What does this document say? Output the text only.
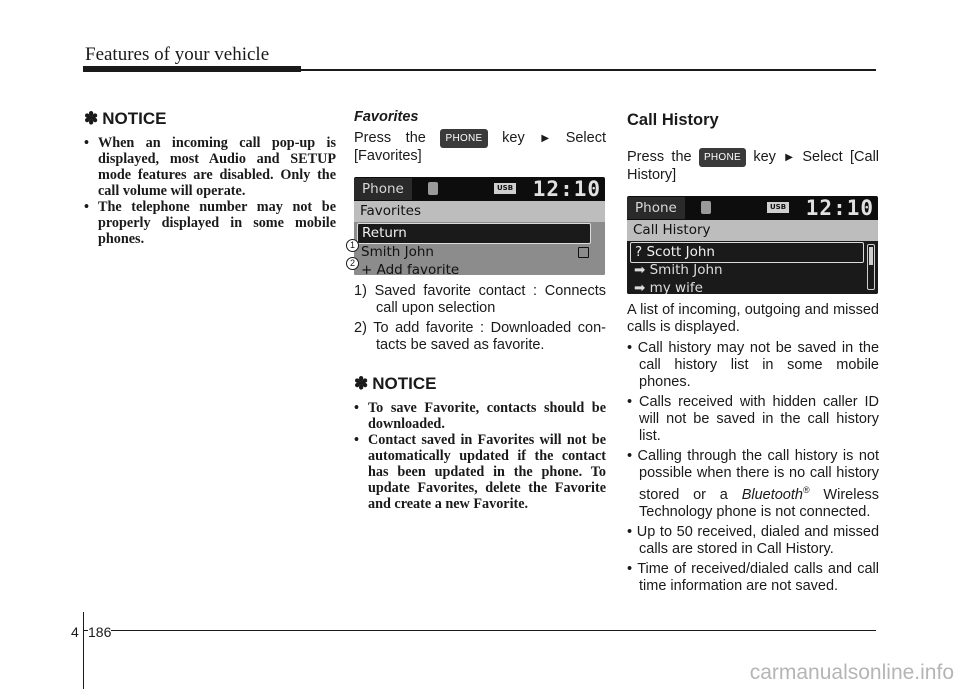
Features of your vehicle
✽ NOTICE
• When an incoming call pop-up is displayed, most Audio and SETUP mode features are disabled. Only the call volume will operate.
• The telephone number may not be properly displayed in some mobile phones.

Favorites

Press the PHONE key ▶ Select [Favorites]

Phone	USB 12:10
Favorites
Return
Smith John
+ Add favorite
1
2
1) Saved favorite contact : Connects call upon selection
2) To add favorite : Downloaded con- tacts be saved as favorite.
✽ NOTICE
• To save Favorite, contacts should be downloaded.
• Contact saved in Favorites will not be automatically updated if the contact has been updated in the phone. To update Favorites, delete the Favorite and create a new Favorite.

Call History

Press the PHONE key ▶ Select [Call History]

Phone	USB 12:10
Call History
? Scott John
➡ Smith John
➡ my wife

A list of incoming, outgoing and missed calls is displayed.

• Call history may not be saved in the call history list in some mobile phones.
• Calls received with hidden caller ID will not be saved in the call history list.
• Calling through the call history is not possible when there is no call history stored or a Bluetooth® Wireless Technology phone is not connected.
• Up to 50 received, dialed and missed calls are stored in Call History.
• Time of received/dialed calls and call time information are not saved.
4 186
carmanualsonline.info
